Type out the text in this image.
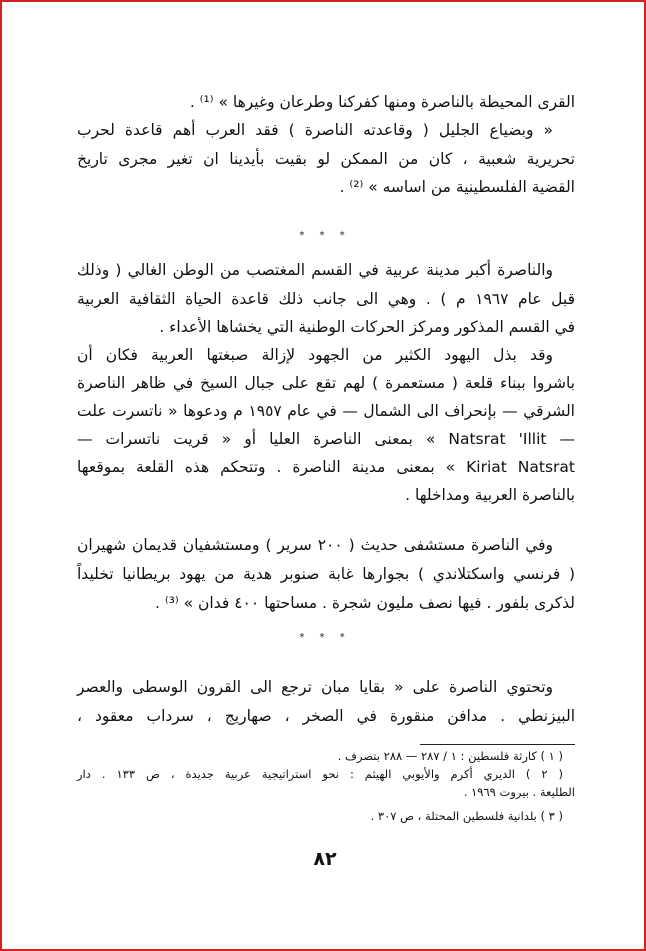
القرى المحيطة بالناصرة ومنها كفركنا وطرعان وغيرها » ⁽¹⁾ .
« وبضياع الجليل ( وقاعدته الناصرة ) فقد العرب أهم قاعدة لحرب
تحريرية شعبية ، كان من الممكن لو بقيت بأيدينا ان تغير مجرى تاريخ
القضية الفلسطينية من اساسه » ⁽²⁾ .
* * *
والناصرة أكبر مدينة عربية في القسم المغتصب من الوطن الغالي ( وذلك
قبل عام ١٩٦٧ م ) . وهي الى جانب ذلك قاعدة الحياة الثقافية العربية
في القسم المذكور ومركز الحركات الوطنية التي يخشاها الأعداء .
وقد بذل اليهود الكثير من الجهود لإزالة صبغتها العربية فكان أن
باشروا ببناء قلعة ( مستعمرة ) لهم تقع على جبال السيخ في ظاهر الناصرة
الشرقي — بإنحراف الى الشمال — في عام ١٩٥٧ م ودعوها « ناتسرت علت
— Natsrat 'Illit » بمعنى الناصرة العليا أو « قريت ناتسرات —
Kiriat Natsrat » بمعنى مدينة الناصرة . وتتحكم هذه القلعة بموقعها
بالناصرة العربية ومداخلها .
وفي الناصرة مستشفى حديث ( ٢٠٠ سرير ) ومستشفيان قديمان شهيران
( فرنسي واسكتلاندي ) بجوارها غابة صنوبر هدية من يهود بريطانيا تخليداً
لذكرى بلفور . فيها نصف مليون شجرة . مساحتها ٤٠٠ فدان » ⁽³⁾ .
* * *
وتحتوي الناصرة على « بقايا مبان ترجع الى القرون الوسطى والعصر
البيزنطي . مدافن منقورة في الصخر ، صهاريج ، سرداب معقود ،
( ١ ) كارثة فلسطين : ١ / ٢٨٧ — ٢٨٨ بتصرف .
( ٢ ) الديري أكرم والأيوبي الهيثم : نحو استراتيجية عربية جديدة ، ص ١٣٣ . دار
الطليعة . بيروت ١٩٦٩ .
( ٣ ) بلدانية فلسطين المحتلة ، ص ٣٠٧ .
٨٢
